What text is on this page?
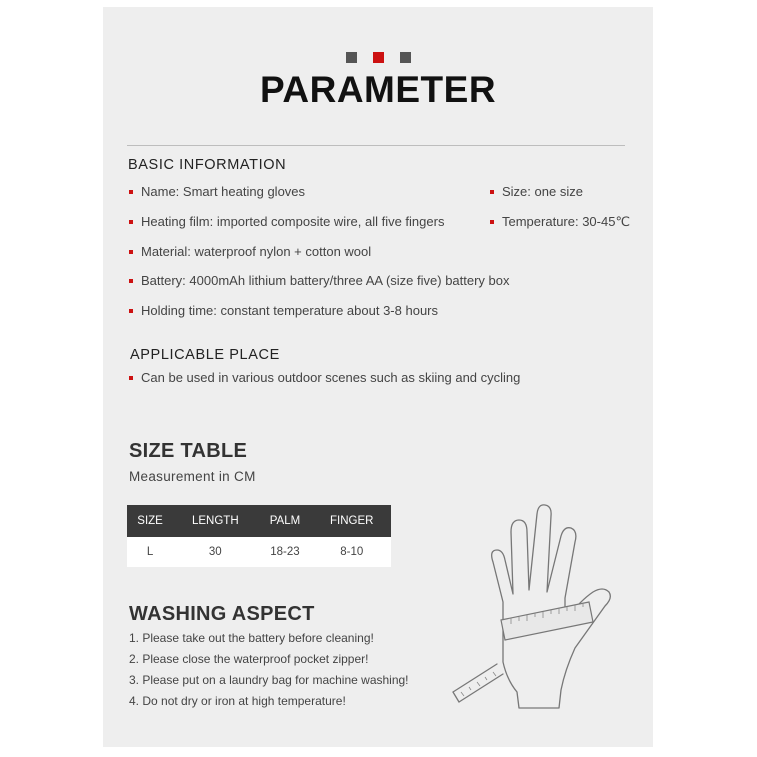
PARAMETER
BASIC INFORMATION
Name: Smart heating gloves
Heating film: imported composite wire, all five fingers
Material: waterproof nylon + cotton wool
Battery: 4000mAh lithium battery/three AA (size five) battery box
Holding time: constant temperature about 3-8 hours
Size: one size
Temperature: 30-45℃
APPLICABLE PLACE
Can be used in various outdoor scenes such as skiing and cycling
SIZE TABLE
Measurement in CM
SIZE	LENGTH	PALM	FINGER
L	30	18-23	8-10
WASHING ASPECT
1. Please take out the battery before cleaning!
2. Please close the waterproof pocket zipper!
3. Please put on a laundry bag for machine washing!
4. Do not dry or iron at high temperature!
